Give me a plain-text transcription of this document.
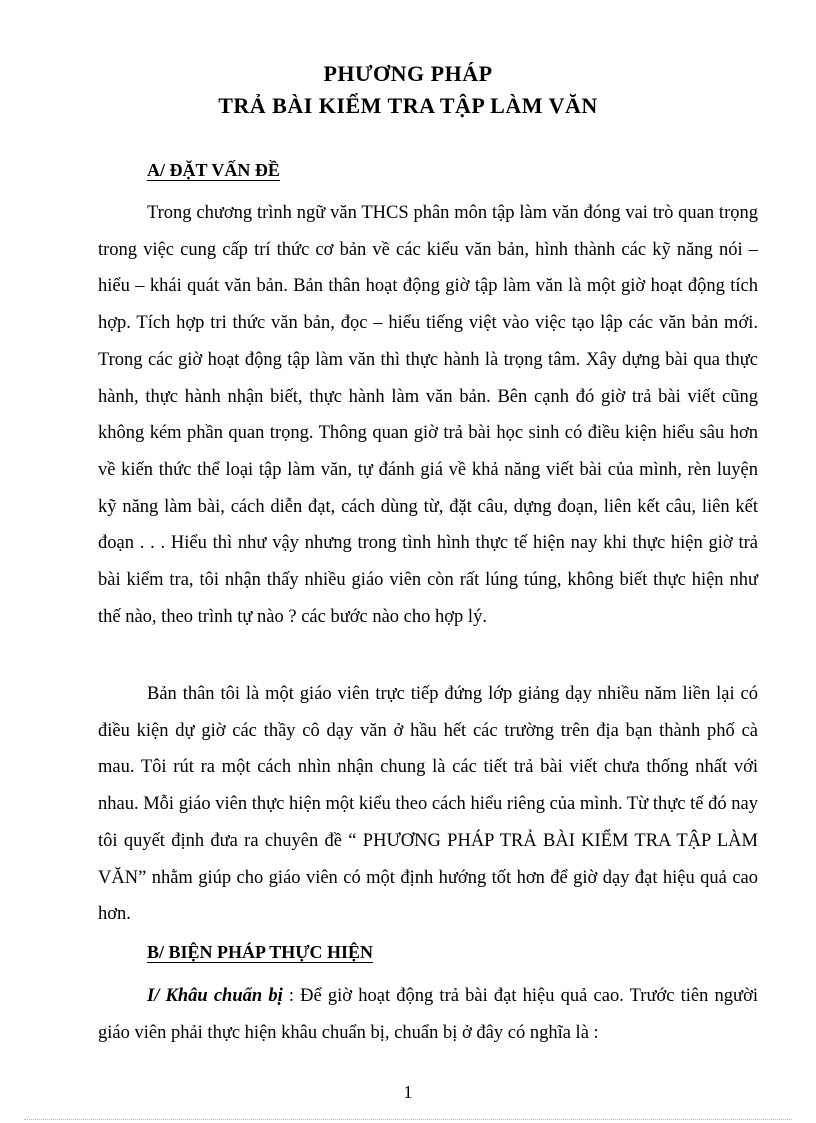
PHƯƠNG PHÁP
TRẢ BÀI KIỂM TRA TẬP LÀM VĂN
A/ ĐẶT VẤN ĐỀ

Trong chương trình ngữ văn THCS phân môn tập làm văn đóng vai trò quan trọng trong việc cung cấp trí thức cơ bản về các kiểu văn bản, hình thành các kỹ năng nói – hiểu – khái quát văn bản. Bản thân hoạt động giờ tập làm văn là một giờ hoạt động tích hợp. Tích hợp tri thức văn bản, đọc – hiểu tiếng việt vào việc tạo lập các văn bản mới. Trong các giờ hoạt động tập làm văn thì thực hành là trọng tâm. Xây dựng bài qua thực hành, thực hành nhận biết, thực hành làm văn bản. Bên cạnh đó giờ trả bài viết cũng không kém phần quan trọng. Thông quan giờ trả bài học sinh có điều kiện hiểu sâu hơn về kiến thức thể loại tập làm văn, tự đánh giá về khả năng viết bài của mình, rèn luyện kỹ năng làm bài, cách diễn đạt, cách dùng từ, đặt câu, dựng đoạn, liên kết câu, liên kết đoạn . . . Hiểu thì như vậy nhưng trong tình hình thực tế hiện nay khi thực hiện giờ trả bài kiểm tra, tôi nhận thấy nhiều giáo viên còn rất lúng túng, không biết thực hiện như thế nào, theo trình tự nào ? các bước nào cho hợp lý.

Bản thân tôi là một giáo viên trực tiếp đứng lớp giảng dạy nhiều năm liền lại có điều kiện dự giờ các thầy cô dạy văn ở hầu hết các trường trên địa bạn thành phố cà mau. Tôi rút ra một cách nhìn nhận chung là các tiết trả bài viết chưa thống nhất với nhau. Mỗi giáo viên thực hiện một kiểu theo cách hiểu riêng của mình. Từ thực tế đó nay tôi quyết định đưa ra chuyên đề “ PHƯƠNG PHÁP TRẢ BÀI KIỂM TRA TẬP LÀM VĂN” nhằm giúp cho giáo viên có một định hướng tốt hơn để giờ dạy đạt hiệu quả cao hơn.

B/ BIỆN PHÁP THỰC HIỆN

I/ Khâu chuẩn bị : Để giờ hoạt động trả bài đạt hiệu quả cao. Trước tiên người giáo viên phải thực hiện khâu chuẩn bị, chuẩn bị ở đây có nghĩa là :

1
